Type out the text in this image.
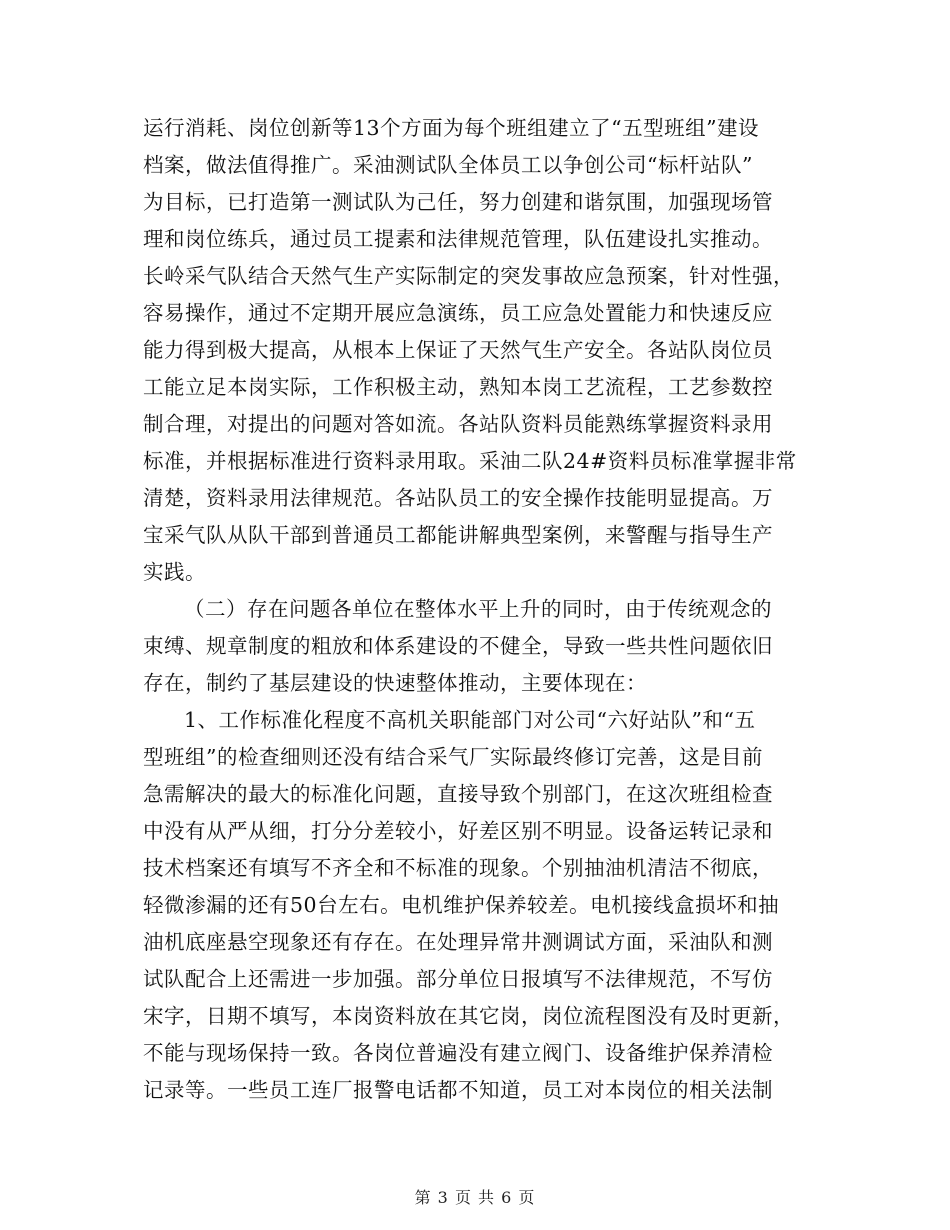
运行消耗、岗位创新等13个方面为每个班组建立了“五型班组”建设
档案，做法值得推广。采油测试队全体员工以争创公司“标杆站队”
为目标，已打造第一测试队为己任，努力创建和谐氛围，加强现场管
理和岗位练兵，通过员工提素和法律规范管理，队伍建设扎实推动。
长岭采气队结合天然气生产实际制定的突发事故应急预案，针对性强，
容易操作，通过不定期开展应急演练，员工应急处置能力和快速反应
能力得到极大提高，从根本上保证了天然气生产安全。各站队岗位员
工能立足本岗实际，工作积极主动，熟知本岗工艺流程，工艺参数控
制合理，对提出的问题对答如流。各站队资料员能熟练掌握资料录用
标准，并根据标准进行资料录用取。采油二队24#资料员标准掌握非常
清楚，资料录用法律规范。各站队员工的安全操作技能明显提高。万
宝采气队从队干部到普通员工都能讲解典型案例，来警醒与指导生产
实践。
（二）存在问题各单位在整体水平上升的同时，由于传统观念的
束缚、规章制度的粗放和体系建设的不健全，导致一些共性问题依旧
存在，制约了基层建设的快速整体推动，主要体现在：
1、工作标准化程度不高机关职能部门对公司“六好站队”和“五
型班组”的检查细则还没有结合采气厂实际最终修订完善，这是目前
急需解决的最大的标准化问题，直接导致个别部门，在这次班组检查
中没有从严从细，打分分差较小，好差区别不明显。设备运转记录和
技术档案还有填写不齐全和不标准的现象。个别抽油机清洁不彻底，
轻微渗漏的还有50台左右。电机维护保养较差。电机接线盒损坏和抽
油机底座悬空现象还有存在。在处理异常井测调试方面，采油队和测
试队配合上还需进一步加强。部分单位日报填写不法律规范，不写仿
宋字，日期不填写，本岗资料放在其它岗，岗位流程图没有及时更新，
不能与现场保持一致。各岗位普遍没有建立阀门、设备维护保养清检
记录等。一些员工连厂报警电话都不知道，员工对本岗位的相关法制
第 3 页 共 6 页
